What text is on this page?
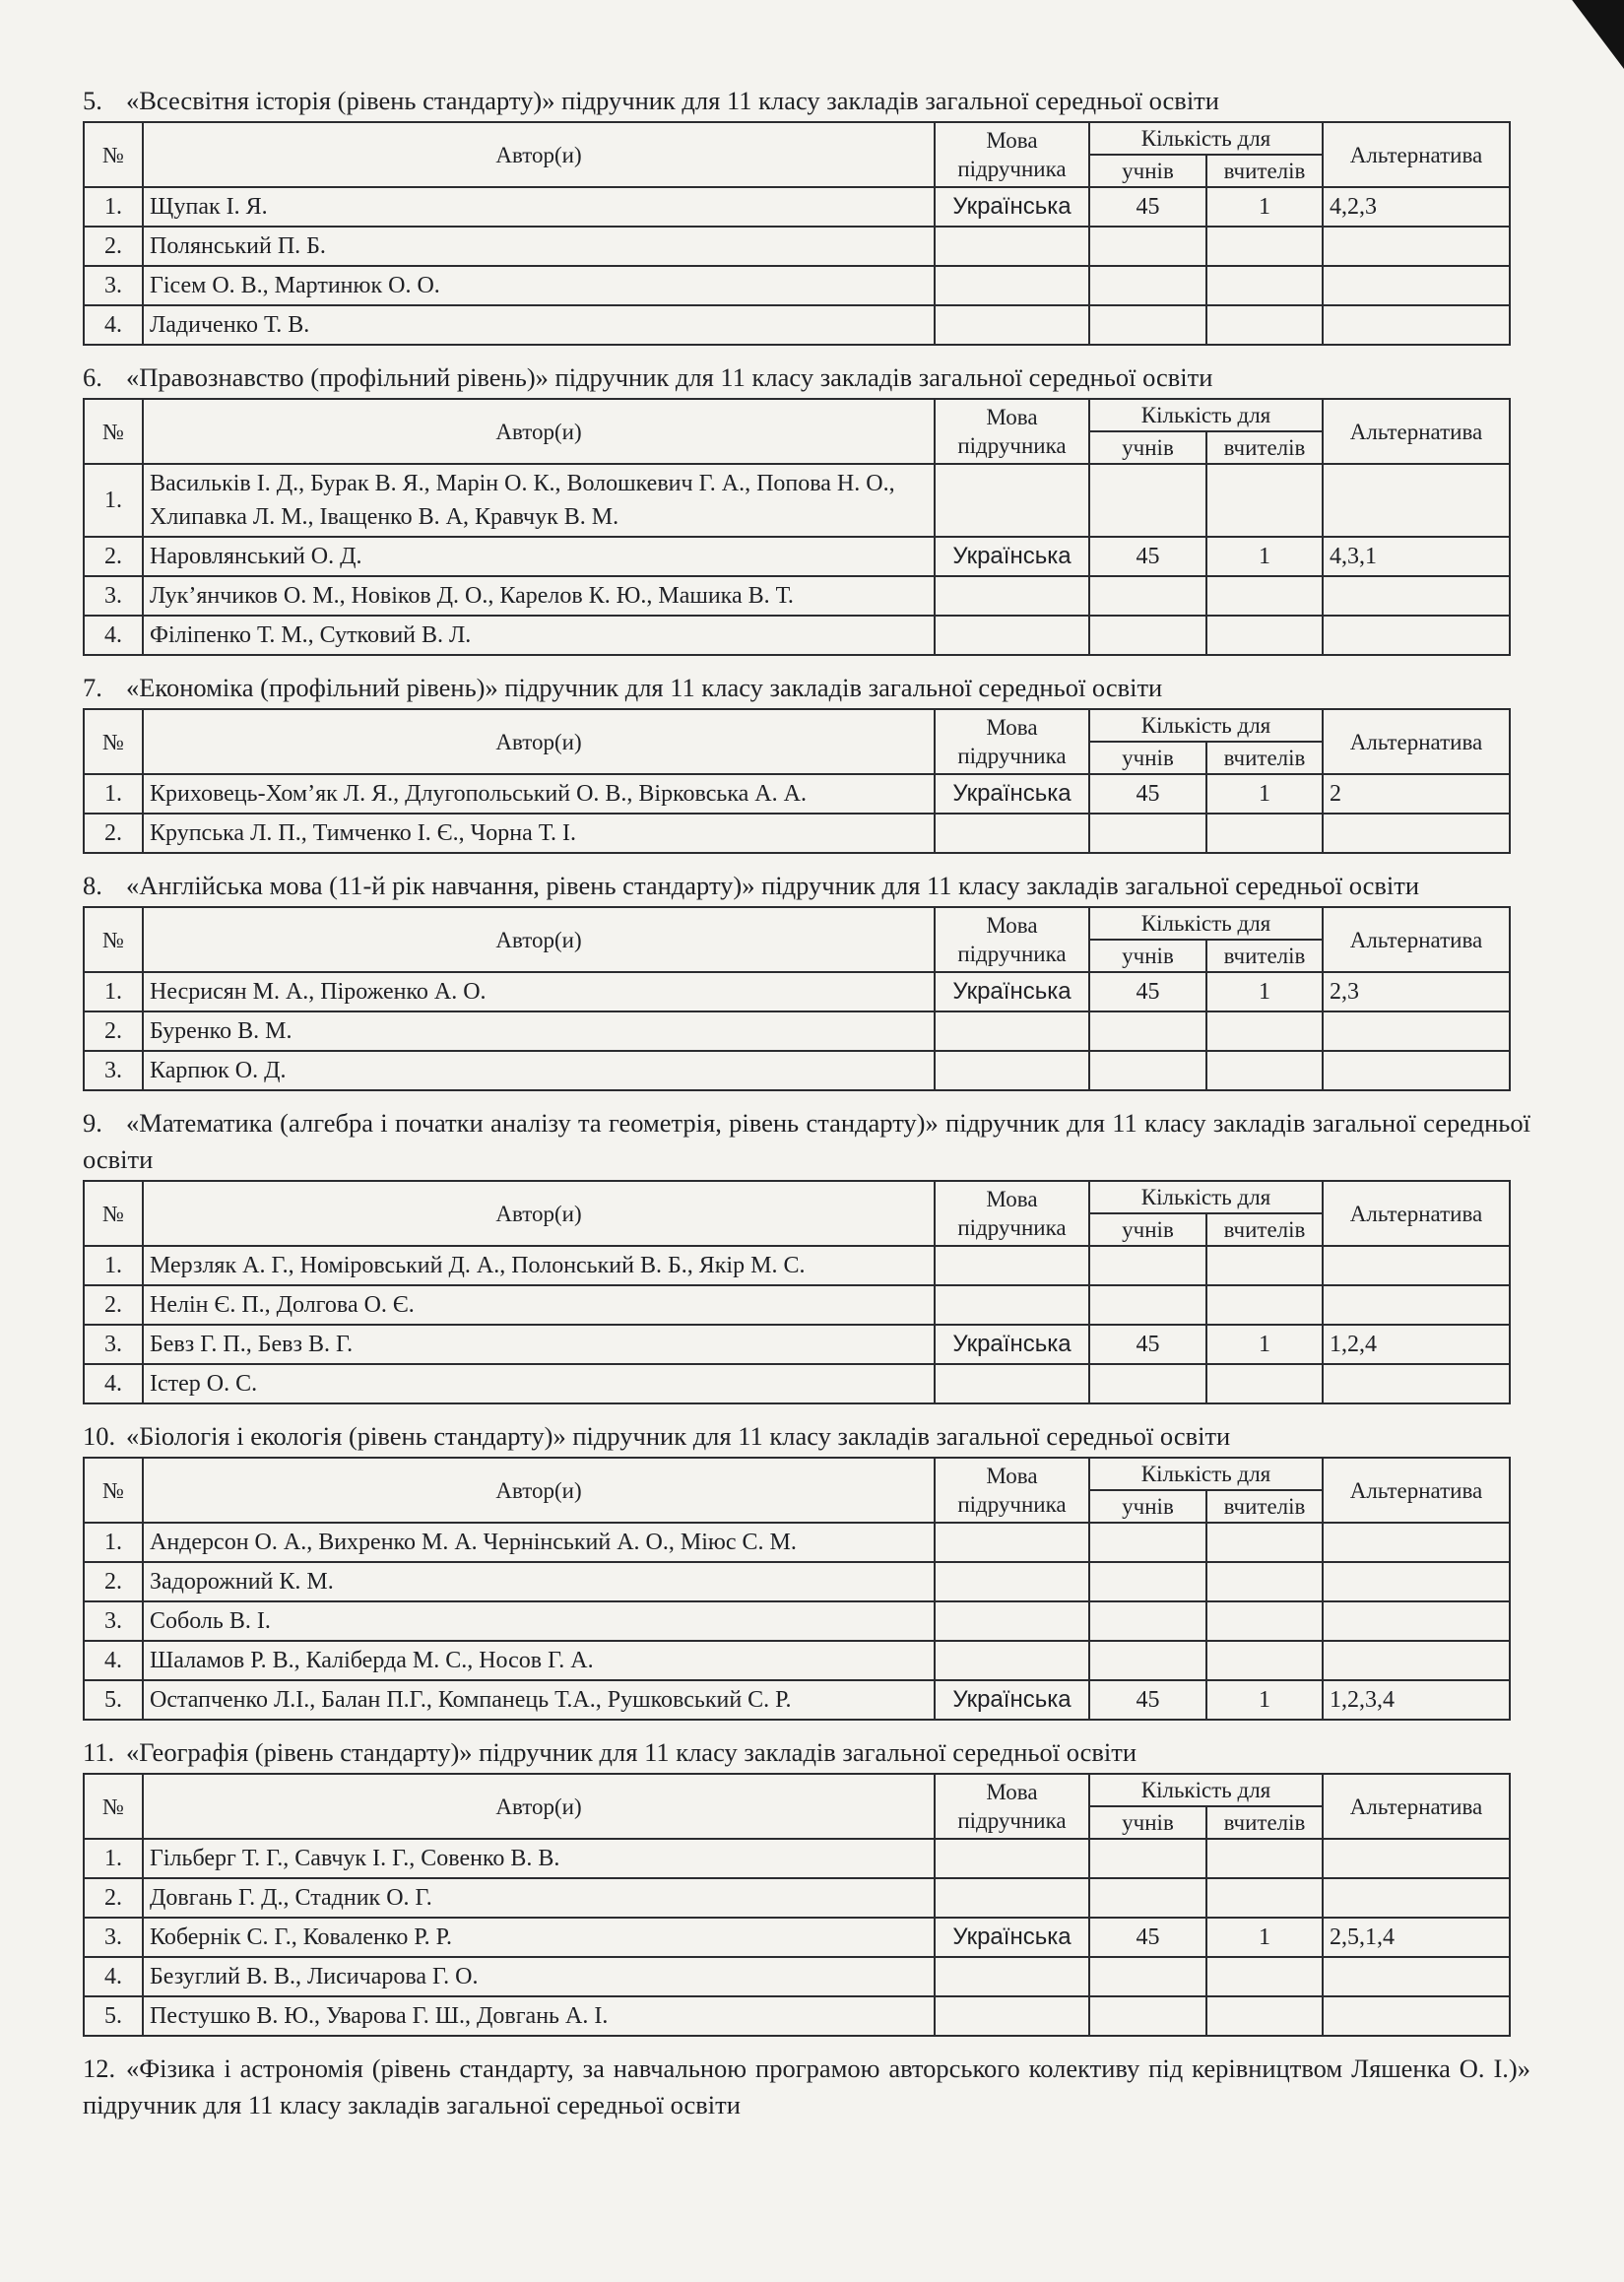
5. «Всесвітня історія (рівень стандарту)» підручник для 11 класу закладів загальної середньої освіти

№	Автор(и)	Мова підручника	Кількість для		Альтернатива
			учнів	вчителів	
1.	Щупак І. Я.	Українська	45	1	4,2,3
2.	Полянський П. Б.				
3.	Гісем О. В., Мартинюк О. О.				
4.	Ладиченко Т. В.				

6. «Правознавство (профільний рівень)» підручник для 11 класу закладів загальної середньої освіти

№	Автор(и)	Мова підручника	Кількість для		Альтернатива
			учнів	вчителів	
1.	Васильків І. Д., Бурак В. Я., Марін О. К., Волошкевич Г. А., Попова Н. О., Хлипавка Л. М., Іващенко В. А, Кравчук В. М.				
2.	Наровлянський О. Д.	Українська	45	1	4,3,1
3.	Лук’янчиков О. М., Новіков Д. О., Карелов К. Ю., Машика В. Т.				
4.	Філіпенко Т. М., Сутковий В. Л.				

7. «Економіка (профільний рівень)» підручник для 11 класу закладів загальної середньої освіти

№	Автор(и)	Мова підручника	Кількість для		Альтернатива
			учнів	вчителів	
1.	Криховець-Хом’як Л. Я., Длугопольський О. В., Вірковська А. А.	Українська	45	1	2
2.	Крупська Л. П., Тимченко І. Є., Чорна Т. І.				

8. «Англійська мова (11-й рік навчання, рівень стандарту)» підручник для 11 класу закладів загальної середньої освіти

№	Автор(и)	Мова підручника	Кількість для		Альтернатива
			учнів	вчителів	
1.	Несрисян М. А., Піроженко А. О.	Українська	45	1	2,3
2.	Буренко В. М.				
3.	Карпюк О. Д.				

9. «Математика (алгебра і початки аналізу та геометрія, рівень стандарту)» підручник для 11 класу закладів загальної середньої освіти

№	Автор(и)	Мова підручника	Кількість для		Альтернатива
			учнів	вчителів	
1.	Мерзляк А. Г., Номіровський Д. А., Полонський В. Б., Якір М. С.				
2.	Нелін Є. П., Долгова О. Є.				
3.	Бевз Г. П., Бевз В. Г.	Українська	45	1	1,2,4
4.	Істер О. С.				

10. «Біологія і екологія (рівень стандарту)» підручник для 11 класу закладів загальної середньої освіти

№	Автор(и)	Мова підручника	Кількість для		Альтернатива
			учнів	вчителів	
1.	Андерсон О. А., Вихренко М. А. Чернінський А. О., Міюс С. М.				
2.	Задорожний К. М.				
3.	Соболь В. І.				
4.	Шаламов Р. В., Каліберда М. С., Носов Г. А.				
5.	Остапченко Л.І., Балан П.Г., Компанець Т.А., Рушковський С. Р.	Українська	45	1	1,2,3,4

11. «Географія (рівень стандарту)» підручник для 11 класу закладів загальної середньої освіти

№	Автор(и)	Мова підручника	Кількість для		Альтернатива
			учнів	вчителів	
1.	Гільберг Т. Г., Савчук І. Г., Совенко В. В.				
2.	Довгань Г. Д., Стадник О. Г.				
3.	Кобернік С. Г., Коваленко Р. Р.	Українська	45	1	2,5,1,4
4.	Безуглий В. В., Лисичарова Г. О.				
5.	Пестушко В. Ю., Уварова Г. Ш., Довгань А. І.				

12. «Фізика і астрономія (рівень стандарту, за навчальною програмою авторського колективу під керівництвом Ляшенка О. І.)» підручник для 11 класу закладів загальної середньої освіти
